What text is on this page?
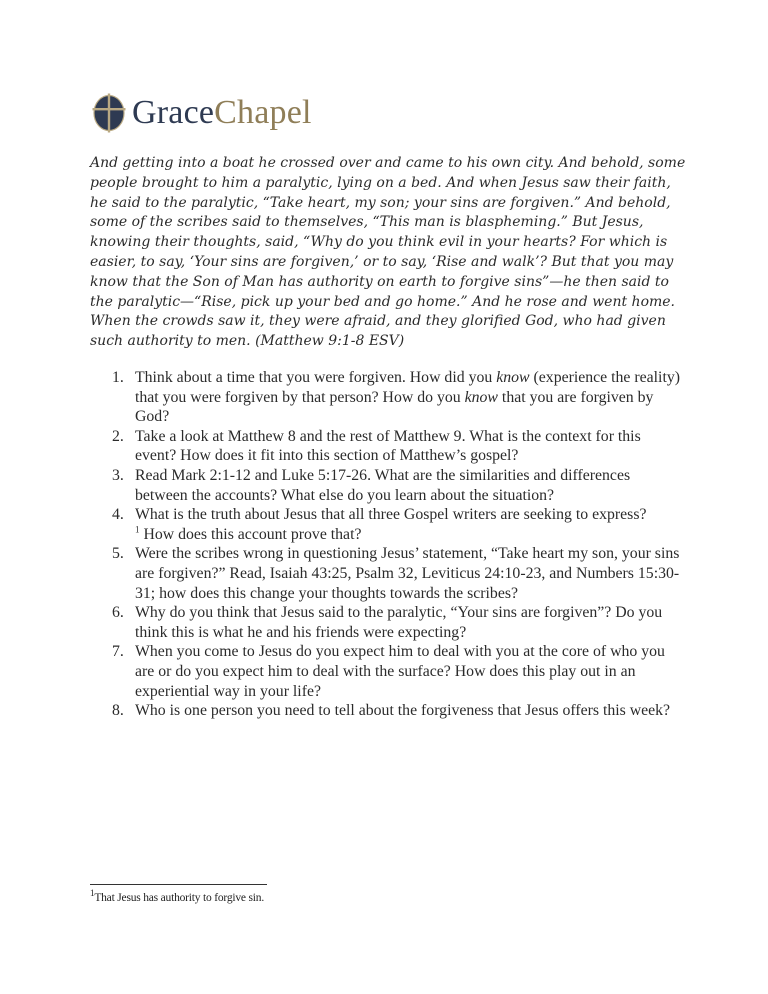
GraceChapel

And getting into a boat he crossed over and came to his own city. And behold, some people brought to him a paralytic, lying on a bed. And when Jesus saw their faith, he said to the paralytic, “Take heart, my son; your sins are forgiven.” And behold, some of the scribes said to themselves, “This man is blaspheming.” But Jesus, knowing their thoughts, said, “Why do you think evil in your hearts? For which is easier, to say, ‘Your sins are forgiven,’ or to say, ‘Rise and walk’? But that you may know that the Son of Man has authority on earth to forgive sins”—he then said to the paralytic—“Rise, pick up your bed and go home.” And he rose and went home. When the crowds saw it, they were afraid, and they glorified God, who had given such authority to men. (Matthew 9:1-8 ESV)

1. Think about a time that you were forgiven. How did you know (experience the reality) that you were forgiven by that person? How do you know that you are forgiven by God?
2. Take a look at Matthew 8 and the rest of Matthew 9. What is the context for this event? How does it fit into this section of Matthew’s gospel?
3. Read Mark 2:1-12 and Luke 5:17-26. What are the similarities and differences between the accounts? What else do you learn about the situation?
4. What is the truth about Jesus that all three Gospel writers are seeking to express?
$^1$ How does this account prove that?
5. Were the scribes wrong in questioning Jesus’ statement, “Take heart my son, your sins are forgiven?” Read, Isaiah 43:25, Psalm 32, Leviticus 24:10-23, and Numbers 15:30-31; how does this change your thoughts towards the scribes?
6. Why do you think that Jesus said to the paralytic, “Your sins are forgiven”? Do you think this is what he and his friends were expecting?
7. When you come to Jesus do you expect him to deal with you at the core of who you are or do you expect him to deal with the surface? How does this play out in an experiential way in your life?
8. Who is one person you need to tell about the forgiveness that Jesus offers this week?
$^1$That Jesus has authority to forgive sin.
